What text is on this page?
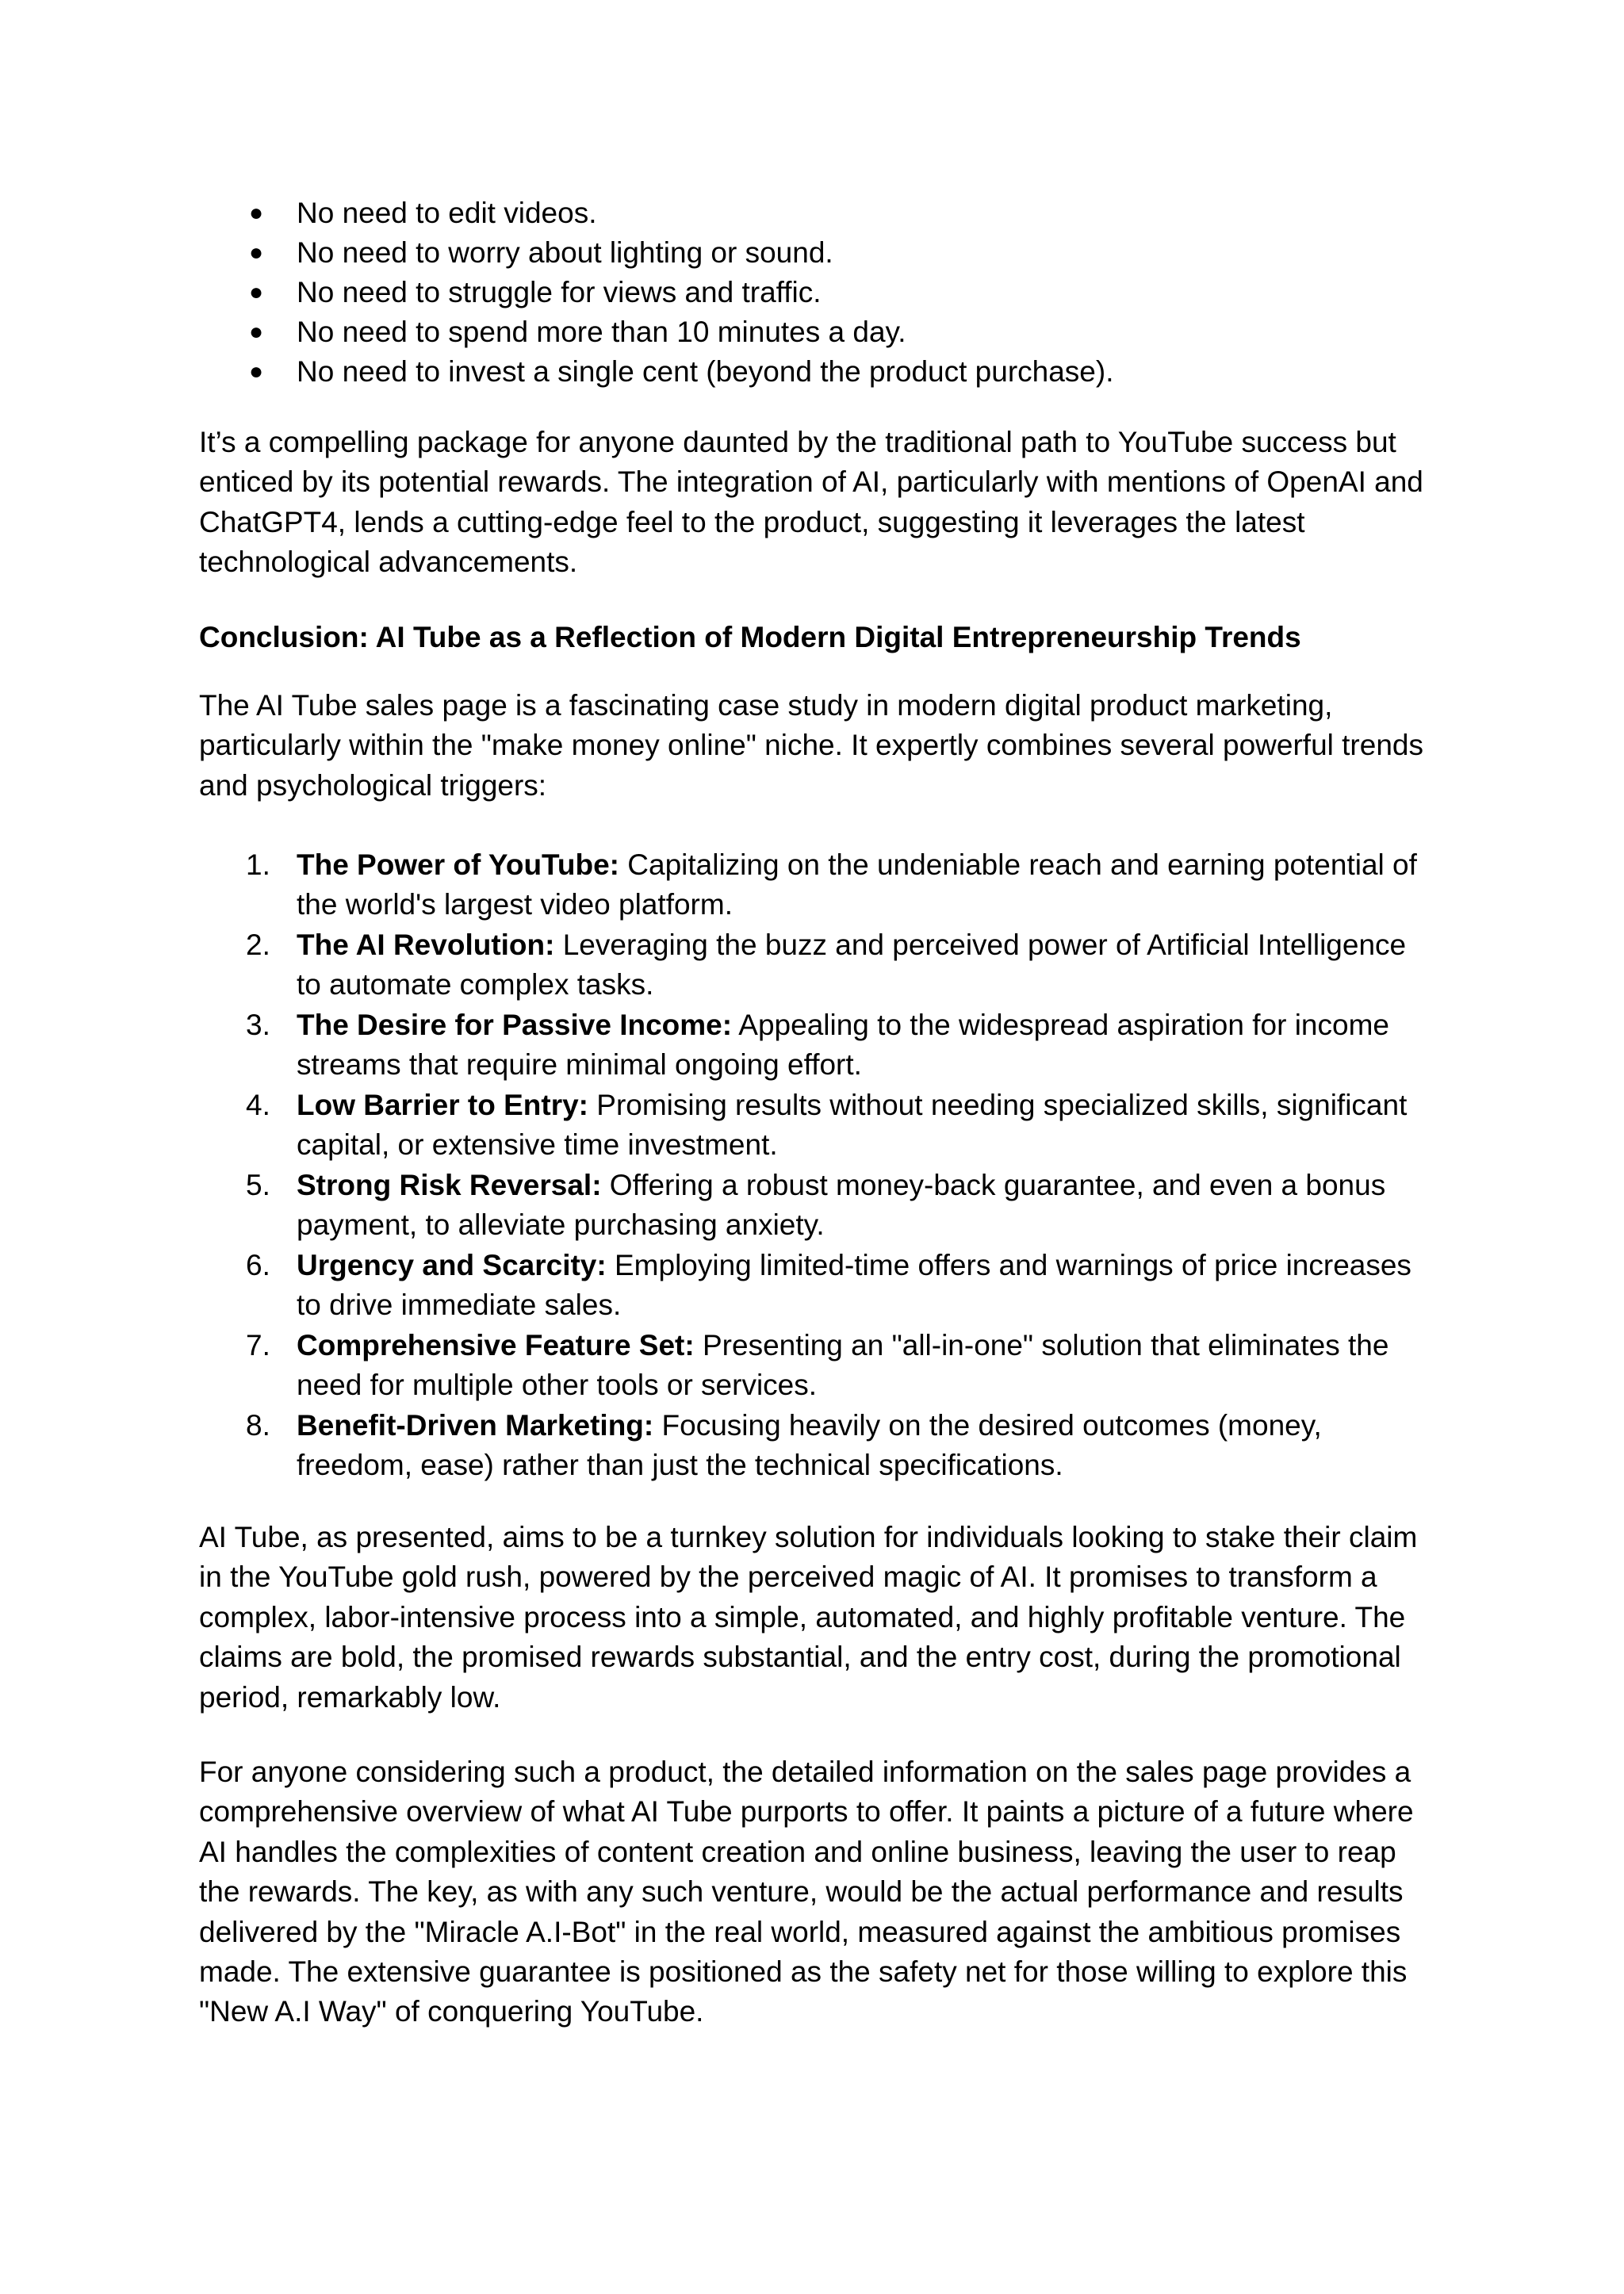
● No need to edit videos.
● No need to worry about lighting or sound.
● No need to struggle for views and traffic.
● No need to spend more than 10 minutes a day.
● No need to invest a single cent (beyond the product purchase).

It’s a compelling package for anyone daunted by the traditional path to YouTube success but enticed by its potential rewards. The integration of AI, particularly with mentions of OpenAI and ChatGPT4, lends a cutting-edge feel to the product, suggesting it leverages the latest technological advancements.

Conclusion: AI Tube as a Reflection of Modern Digital Entrepreneurship Trends

The AI Tube sales page is a fascinating case study in modern digital product marketing, particularly within the "make money online" niche. It expertly combines several powerful trends and psychological triggers:

1. The Power of YouTube: Capitalizing on the undeniable reach and earning potential of the world's largest video platform.
2. The AI Revolution: Leveraging the buzz and perceived power of Artificial Intelligence to automate complex tasks.
3. The Desire for Passive Income: Appealing to the widespread aspiration for income streams that require minimal ongoing effort.
4. Low Barrier to Entry: Promising results without needing specialized skills, significant capital, or extensive time investment.
5. Strong Risk Reversal: Offering a robust money-back guarantee, and even a bonus payment, to alleviate purchasing anxiety.
6. Urgency and Scarcity: Employing limited-time offers and warnings of price increases to drive immediate sales.
7. Comprehensive Feature Set: Presenting an "all-in-one" solution that eliminates the need for multiple other tools or services.
8. Benefit-Driven Marketing: Focusing heavily on the desired outcomes (money, freedom, ease) rather than just the technical specifications.

AI Tube, as presented, aims to be a turnkey solution for individuals looking to stake their claim in the YouTube gold rush, powered by the perceived magic of AI. It promises to transform a complex, labor-intensive process into a simple, automated, and highly profitable venture. The claims are bold, the promised rewards substantial, and the entry cost, during the promotional period, remarkably low.

For anyone considering such a product, the detailed information on the sales page provides a comprehensive overview of what AI Tube purports to offer. It paints a picture of a future where AI handles the complexities of content creation and online business, leaving the user to reap the rewards. The key, as with any such venture, would be the actual performance and results delivered by the "Miracle A.I-Bot" in the real world, measured against the ambitious promises made. The extensive guarantee is positioned as the safety net for those willing to explore this "New A.I Way" of conquering YouTube.
